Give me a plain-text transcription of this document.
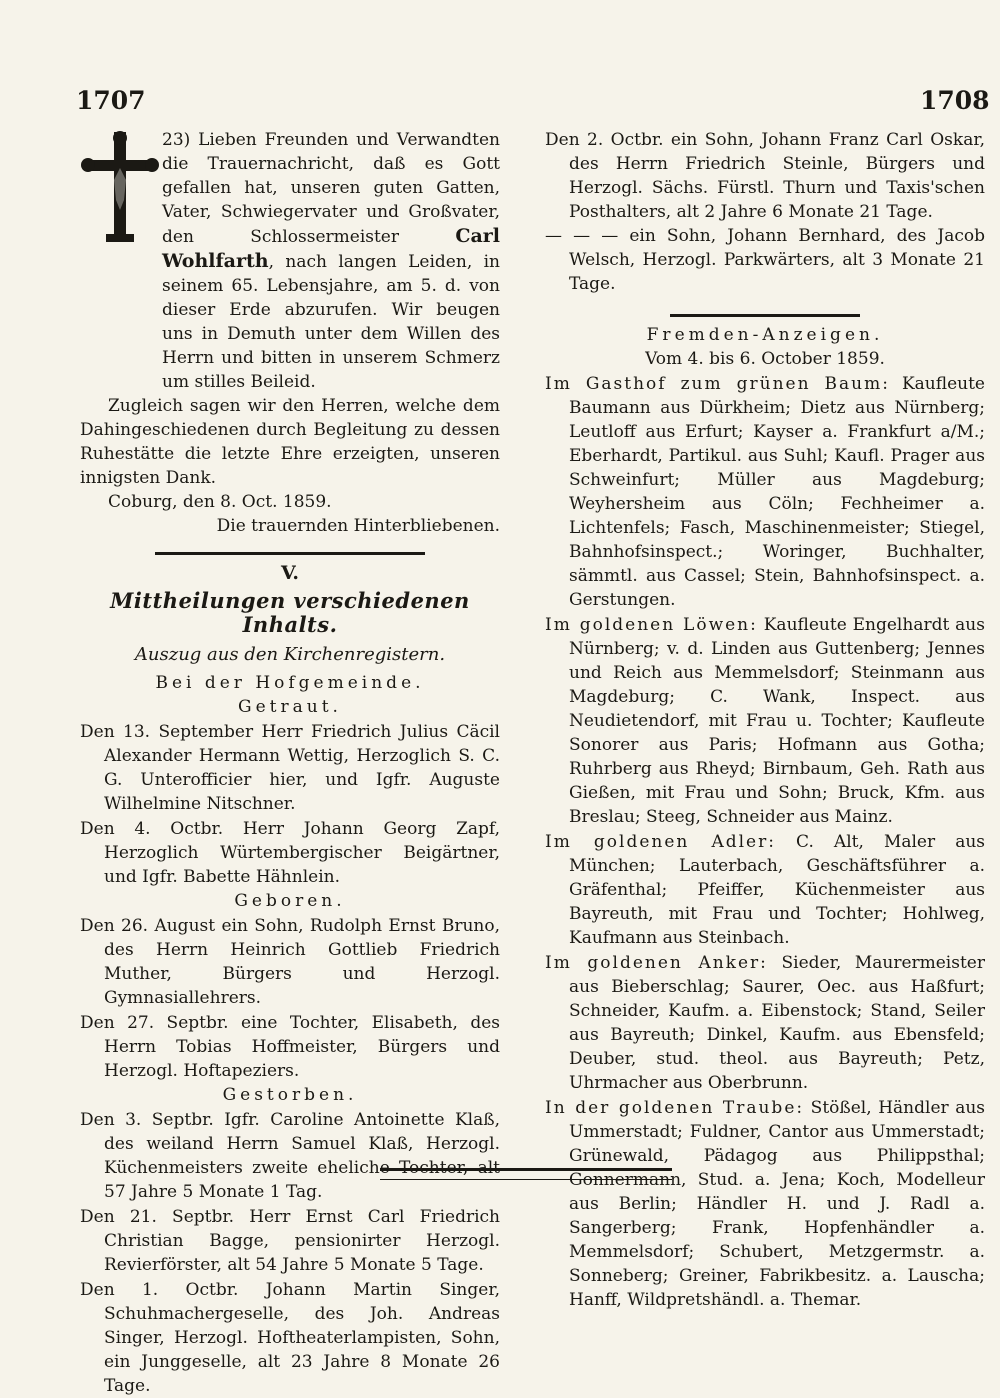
1707	1708

23) Lieben Freunden und Verwandten die Trauernachricht, daß es Gott gefallen hat, unseren guten Gatten, Vater, Schwiegervater und Großvater, den Schlossermeister	Carl Wohlfarth, nach langen Leiden, in seinem 65. Lebensjahre, am 5. d. von dieser Erde abzurufen. Wir beugen uns in Demuth unter dem Willen des Herrn und bitten in unserem Schmerz um stilles Beileid.

Zugleich sagen wir den Herren, welche dem Dahingeschiedenen durch Begleitung zu dessen Ruhestätte die letzte Ehre erzeigten, unseren innigsten Dank.

Coburg, den 8. Oct. 1859.

Die trauernden Hinterbliebenen.

V.
Mittheilungen verschiedenen Inhalts.
Auszug aus den Kirchenregistern.
Bei der Hofgemeinde.
Getraut.

Den 13. September Herr Friedrich Julius Cäcil Alexander Hermann Wettig, Herzoglich S. C. G. Unterofficier hier, und Igfr. Auguste Wilhelmine Nitschner.

Den 4. Octbr. Herr Johann Georg Zapf, Herzoglich Würtembergischer Beigärtner, und Igfr. Babette Hähnlein.

Geboren.

Den 26. August ein Sohn, Rudolph Ernst Bruno, des Herrn Heinrich Gottlieb Friedrich Muther, Bürgers und Herzogl. Gymnasiallehrers.

Den 27. Septbr. eine Tochter, Elisabeth, des Herrn Tobias Hoffmeister, Bürgers und Herzogl. Hoftapeziers.

Gestorben.

Den 3. Septbr. Igfr. Caroline Antoinette Klaß, des weiland Herrn Samuel Klaß, Herzogl. Küchenmeisters zweite eheliche Tochter, alt 57 Jahre 5 Monate 1 Tag.

Den 21. Septbr. Herr Ernst Carl Friedrich Christian Bagge, pensionirter Herzogl. Revierförster, alt 54 Jahre 5 Monate 5 Tage.

Den 1. Octbr. Johann Martin Singer, Schuhmachergeselle, des Joh. Andreas Singer, Herzogl. Hoftheaterlampisten, Sohn, ein Junggeselle, alt 23 Jahre 8 Monate 26 Tage.

Den 2. Octbr. ein Sohn, Johann Franz Carl Oskar, des Herrn Friedrich Steinle, Bürgers und Herzogl. Sächs. Fürstl. Thurn und Taxis'schen Posthalters, alt 2 Jahre 6 Monate 21 Tage.

— — — ein Sohn, Johann Bernhard, des Jacob Welsch, Herzogl. Parkwärters, alt 3 Monate 21 Tage.

Fremden-Anzeigen.
Vom 4. bis 6. October 1859.

Im Gasthof zum grünen Baum: Kaufleute Baumann aus Dürkheim; Dietz aus Nürnberg; Leutloff aus Erfurt; Kayser a. Frankfurt a/M.; Eberhardt, Partikul. aus Suhl; Kaufl. Prager aus Schweinfurt; Müller aus Magdeburg; Weyhersheim aus Cöln; Fechheimer a. Lichtenfels; Fasch, Maschinenmeister; Stiegel, Bahnhofsinspect.; Woringer, Buchhalter, sämmtl. aus Cassel; Stein, Bahnhofsinspect. a. Gerstungen.

Im goldenen Löwen: Kaufleute Engelhardt aus Nürnberg; v. d. Linden aus Guttenberg; Jennes und Reich aus Memmelsdorf; Steinmann aus Magdeburg; C. Wank, Inspect. aus Neudietendorf, mit Frau u. Tochter; Kaufleute Sonorer aus Paris; Hofmann aus Gotha; Ruhrberg aus Rheyd; Birnbaum, Geh. Rath aus Gießen, mit Frau und Sohn; Bruck, Kfm. aus Breslau; Steeg, Schneider aus Mainz.

Im goldenen Adler: C. Alt, Maler aus München; Lauterbach, Geschäftsführer a. Gräfenthal; Pfeiffer, Küchenmeister aus Bayreuth, mit Frau und Tochter; Hohlweg, Kaufmann aus Steinbach.

Im goldenen Anker: Sieder, Maurermeister aus Bieberschlag; Saurer, Oec. aus Haßfurt; Schneider, Kaufm. a. Eibenstock; Stand, Seiler aus Bayreuth; Dinkel, Kaufm. aus Ebensfeld; Deuber, stud. theol. aus Bayreuth; Petz, Uhrmacher aus Oberbrunn.

In der goldenen Traube: Stößel, Händler aus Ummerstadt; Fuldner, Cantor aus Ummerstadt; Grünewald, Pädagog aus Philippsthal; Gonnermann, Stud. a. Jena; Koch, Modelleur aus Berlin; Händler H. und J. Radl a. Sangerberg; Frank, Hopfenhändler a. Memmelsdorf; Schubert, Metzgermstr. a. Sonneberg; Greiner, Fabrikbesitz. a. Lauscha; Hanff, Wildpretshändl. a. Themar.
